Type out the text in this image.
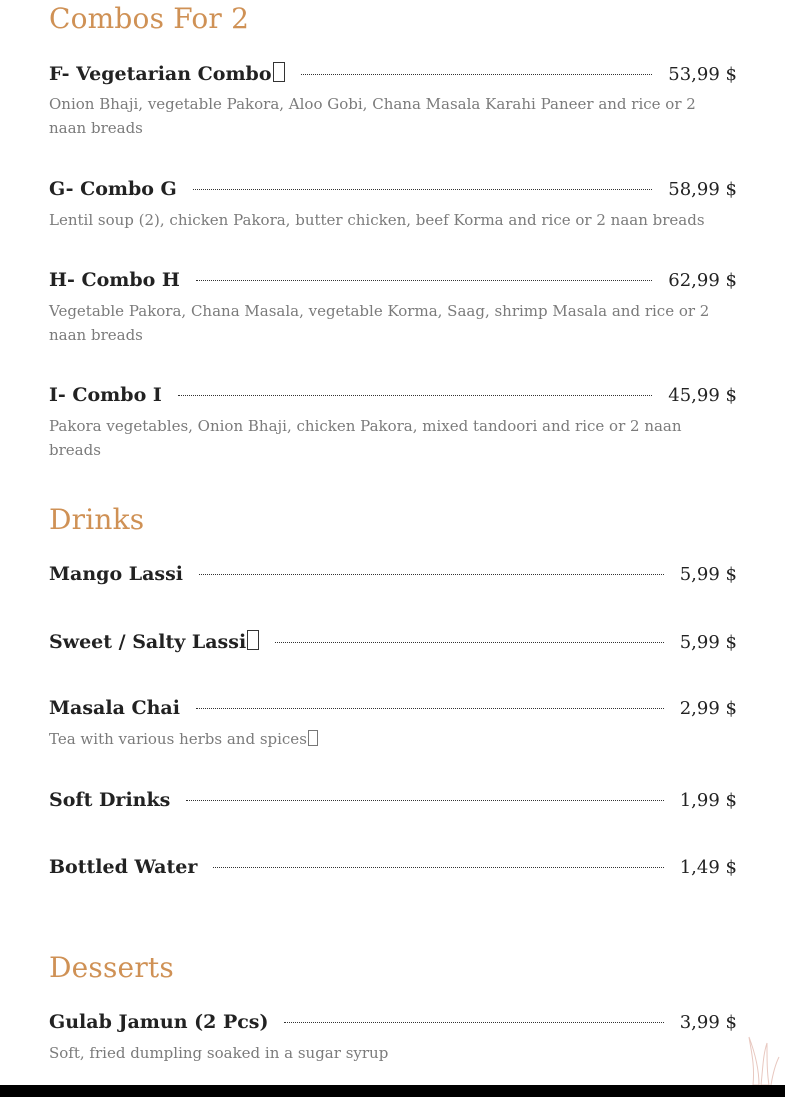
Combos For 2
F- Vegetarian Combo	53,99 $

Onion Bhaji, vegetable Pakora, Aloo Gobi, Chana Masala Karahi Paneer and rice or 2 naan breads

G- Combo G	58,99 $

Lentil soup (2), chicken Pakora, butter chicken, beef Korma and rice or 2 naan breads

H- Combo H	62,99 $

Vegetable Pakora, Chana Masala, vegetable Korma, Saag, shrimp Masala and rice or 2 naan breads

I- Combo I	45,99 $

Pakora vegetables, Onion Bhaji, chicken Pakora, mixed tandoori and rice or 2 naan breads

Drinks
Mango Lassi	5,99 $
Sweet / Salty Lassi	5,99 $
Masala Chai	2,99 $

Tea with various herbs and spices

Soft Drinks	1,99 $
Bottled Water	1,49 $
Desserts
Gulab Jamun (2 Pcs)	3,99 $

Soft, fried dumpling soaked in a sugar syrup
